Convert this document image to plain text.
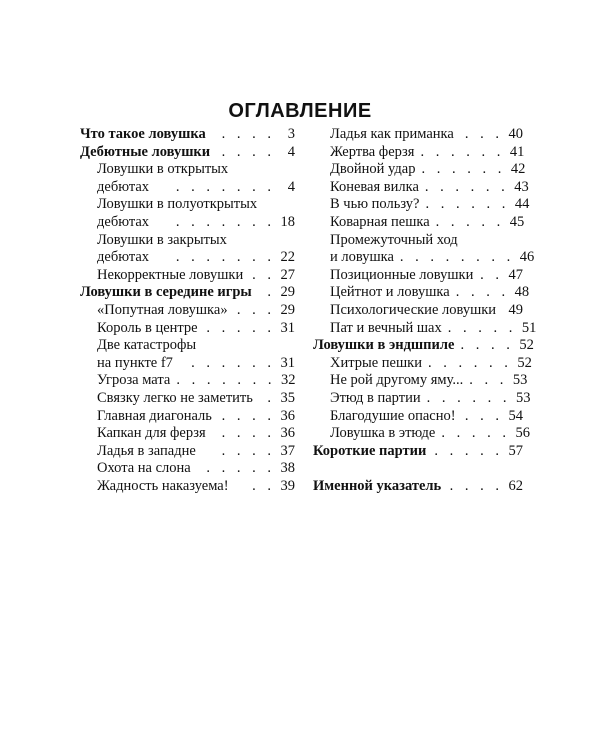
ОГЛАВЛЕНИЕ
Что такое ловушка	. . . . 3
Дебютные ловушки . . . . 4
Ловушки в открытых
дебютах	. . . . . . . 4
Ловушки в полуоткрытых
дебютах	. . . . . . . 18
Ловушки в закрытых
дебютах	. . . . . . . 22
Некорректные ловушки . . 27
Ловушки в середине игры	. 29
«Попутная ловушка» . . . 29
Король в центре . . . . . 31
Две катастрофы
на пункте f7	. . . . . . 31
Угроза мата . . . . . . . 32
Связку легко не заметить . 35
Главная диагональ . . . . 36
Капкан для ферзя	. . . . 36
Ладья в западне	. . . . 37
Охота на слона	. . . . . 38
Жадность наказуема!	. . 39
Ладья как приманка . . . 40
Жертва ферзя . . . . . . 41
Двойной удар . . . . . . 42
Коневая вилка . . . . . . 43
В чью пользу? . . . . . . 44
Коварная пешка . . . . . 45
Промежуточный ход
и ловушка . . . . . . . . 46
Позиционные ловушки . . 47
Цейтнот и ловушка . . . . 48
Психологические ловушки 49
Пат и вечный шах . . . . . 51
Ловушки в эндшпиле . . . . 52
Хитрые пешки . . . . . . 52
Не рой другому яму... . . . 53
Этюд в партии . . . . . . 53
Благодушие опасно! . . . 54
Ловушка в этюде . . . . . 56
Короткие партии . . . . . 57
Именной указатель . . . . 62
